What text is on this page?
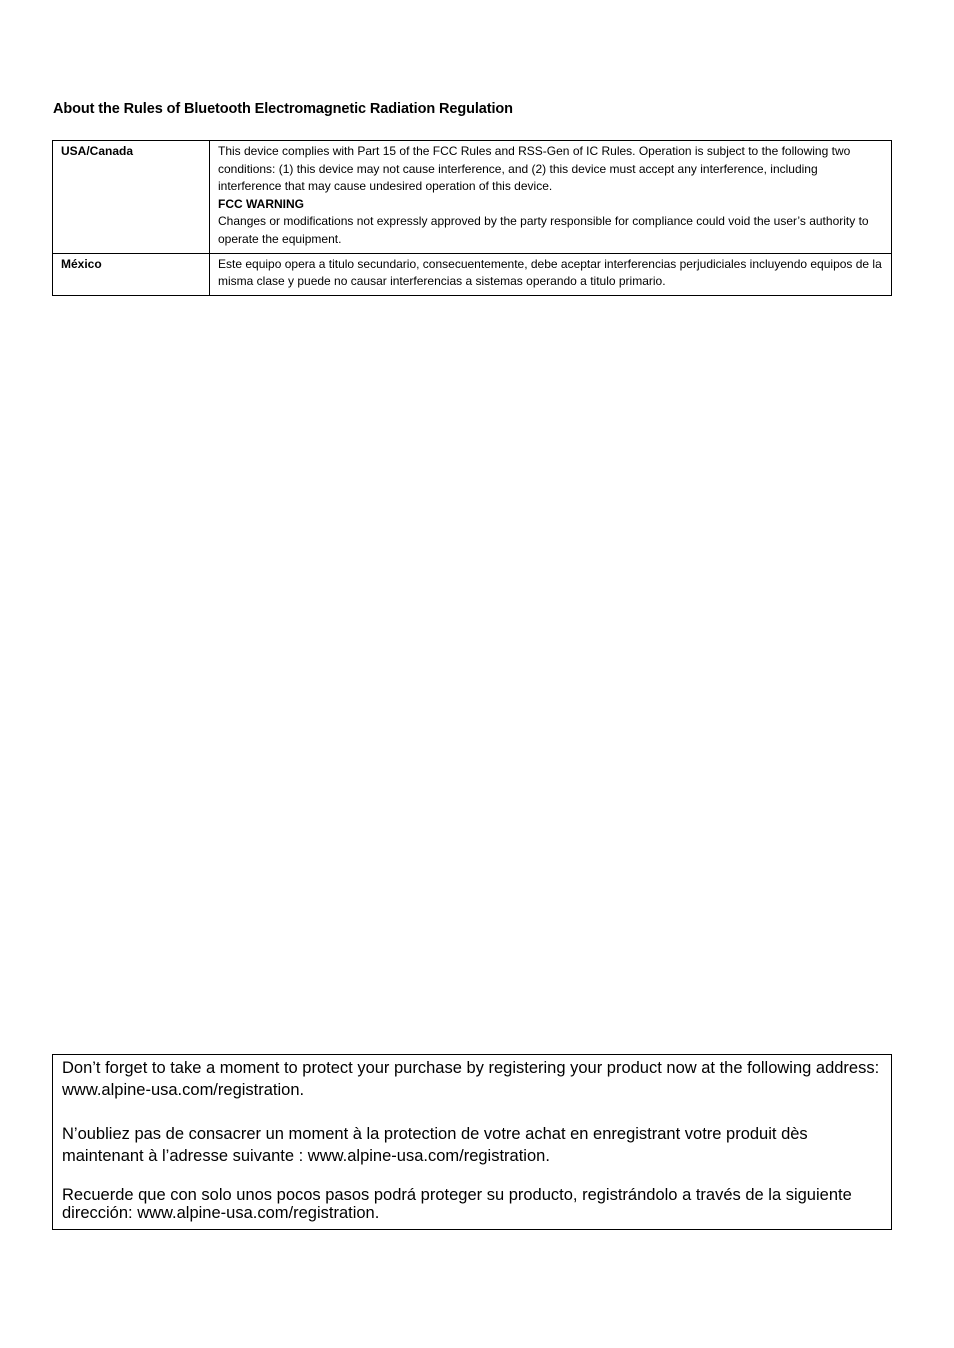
About the Rules of Bluetooth Electromagnetic Radiation Regulation
USA/Canada	This device complies with Part 15 of the FCC Rules and RSS-Gen of IC Rules. Operation is subject to the following two conditions: (1) this device may not cause interference, and (2) this device must accept any interference, including interference that may cause undesired operation of this device.
FCC WARNING
Changes or modifications not expressly approved by the party responsible for compliance could void the user’s authority to operate the equipment.

México	Este equipo opera a titulo secundario, consecuentemente, debe aceptar interferencias perjudiciales incluyendo equipos de la misma clase y puede no causar interferencias a sistemas operando a titulo primario.

Don’t forget to take a moment to protect your purchase by registering your product now at the following address: www.alpine-usa.com/registration.

N’oubliez pas de consacrer un moment à la protection de votre achat en enregistrant votre produit dès maintenant à l’adresse suivante : www.alpine-usa.com/registration.

Recuerde que con solo unos pocos pasos podrá proteger su producto, registrándolo a través de la siguiente dirección: www.alpine-usa.com/registration.
